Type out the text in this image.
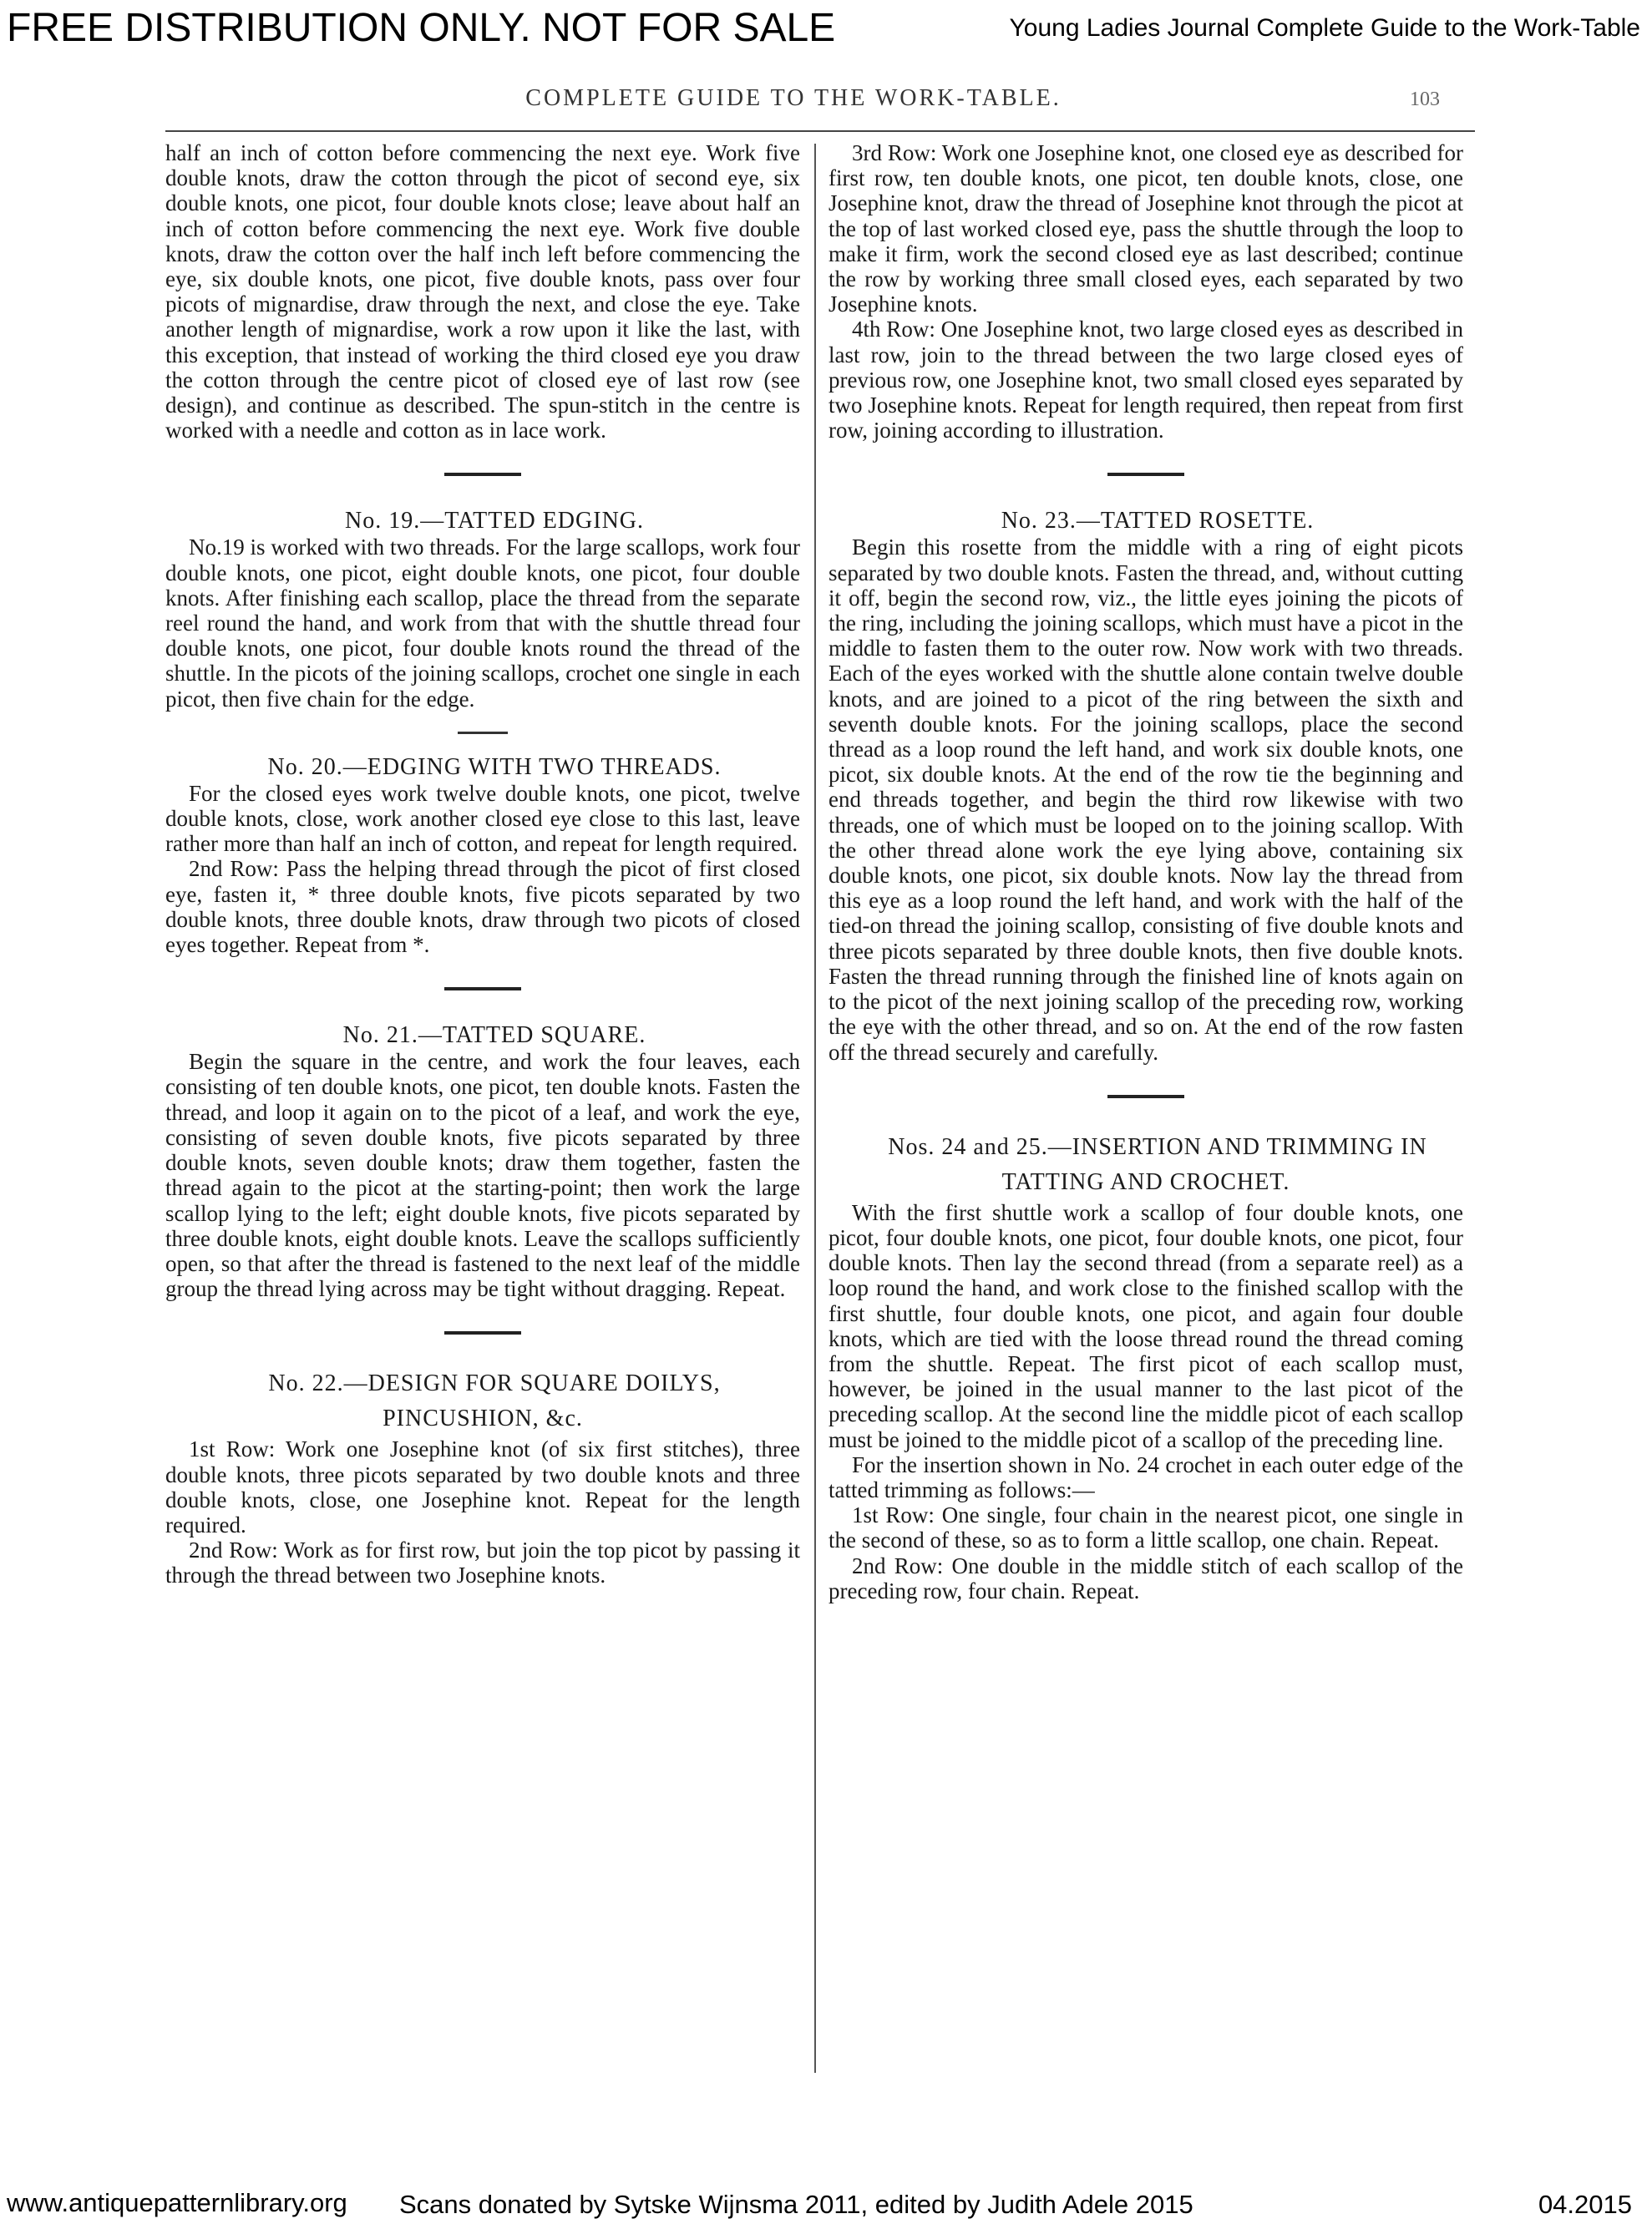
FREE DISTRIBUTION ONLY. NOT FOR SALE	Young Ladies Journal Complete Guide to the Work-Table
COMPLETE GUIDE TO THE WORK-TABLE.	103

half an inch of cotton before commencing the next eye. Work five double knots, draw the cotton through the picot of second eye, six double knots, one picot, four double knots close; leave about half an inch of cotton before commencing the next eye. Work five double knots, draw the cotton over the half inch left before commencing the eye, six double knots, one picot, five double knots, pass over four picots of mignardise, draw through the next, and close the eye. Take another length of mignardise, work a row upon it like the last, with this exception, that instead of working the third closed eye you draw the cotton through the centre picot of closed eye of last row (see design), and continue as described. The spun-stitch in the centre is worked with a needle and cotton as in lace work.

No. 19.—TATTED EDGING.

No.19 is worked with two threads. For the large scallops, work four double knots, one picot, eight double knots, one picot, four double knots. After finishing each scallop, place the thread from the separate reel round the hand, and work from that with the shuttle thread four double knots, one picot, four double knots round the thread of the shuttle. In the picots of the joining scallops, crochet one single in each picot, then five chain for the edge.

No. 20.—EDGING WITH TWO THREADS.

For the closed eyes work twelve double knots, one picot, twelve double knots, close, work another closed eye close to this last, leave rather more than half an inch of cotton, and repeat for length required.

2nd Row: Pass the helping thread through the picot of first closed eye, fasten it, * three double knots, five picots separated by two double knots, three double knots, draw through two picots of closed eyes together. Repeat from *.

No. 21.—TATTED SQUARE.

Begin the square in the centre, and work the four leaves, each consisting of ten double knots, one picot, ten double knots. Fasten the thread, and loop it again on to the picot of a leaf, and work the eye, consisting of seven double knots, five picots separated by three double knots, seven double knots; draw them together, fasten the thread again to the picot at the starting-point; then work the large scallop lying to the left; eight double knots, five picots separated by three double knots, eight double knots. Leave the scallops sufficiently open, so that after the thread is fastened to the next leaf of the middle group the thread lying across may be tight without dragging. Repeat.

No. 22.—DESIGN FOR SQUARE DOILYS, PINCUSHION, &c.

1st Row: Work one Josephine knot (of six first stitches), three double knots, three picots separated by two double knots and three double knots, close, one Josephine knot. Repeat for the length required.

2nd Row: Work as for first row, but join the top picot by passing it through the thread between two Josephine knots.

3rd Row: Work one Josephine knot, one closed eye as described for first row, ten double knots, one picot, ten double knots, close, one Josephine knot, draw the thread of Josephine knot through the picot at the top of last worked closed eye, pass the shuttle through the loop to make it firm, work the second closed eye as last described; continue the row by working three small closed eyes, each separated by two Josephine knots.

4th Row: One Josephine knot, two large closed eyes as described in last row, join to the thread between the two large closed eyes of previous row, one Josephine knot, two small closed eyes separated by two Josephine knots. Repeat for length required, then repeat from first row, joining according to illustration.

No. 23.—TATTED ROSETTE.

Begin this rosette from the middle with a ring of eight picots separated by two double knots. Fasten the thread, and, without cutting it off, begin the second row, viz., the little eyes joining the picots of the ring, including the joining scallops, which must have a picot in the middle to fasten them to the outer row. Now work with two threads. Each of the eyes worked with the shuttle alone contain twelve double knots, and are joined to a picot of the ring between the sixth and seventh double knots. For the joining scallops, place the second thread as a loop round the left hand, and work six double knots, one picot, six double knots. At the end of the row tie the beginning and end threads together, and begin the third row likewise with two threads, one of which must be looped on to the joining scallop. With the other thread alone work the eye lying above, containing six double knots, one picot, six double knots. Now lay the thread from this eye as a loop round the left hand, and work with the half of the tied-on thread the joining scallop, consisting of five double knots and three picots separated by three double knots, then five double knots. Fasten the thread running through the finished line of knots again on to the picot of the next joining scallop of the preceding row, working the eye with the other thread, and so on. At the end of the row fasten off the thread securely and carefully.

Nos. 24 and 25.—INSERTION AND TRIMMING IN TATTING AND CROCHET.

With the first shuttle work a scallop of four double knots, one picot, four double knots, one picot, four double knots, one picot, four double knots. Then lay the second thread (from a separate reel) as a loop round the hand, and work close to the finished scallop with the first shuttle, four double knots, one picot, and again four double knots, which are tied with the loose thread round the thread coming from the shuttle. Repeat. The first picot of each scallop must, however, be joined in the usual manner to the last picot of the preceding scallop. At the second line the middle picot of each scallop must be joined to the middle picot of a scallop of the preceding line.

For the insertion shown in No. 24 crochet in each outer edge of the tatted trimming as follows:—

1st Row: One single, four chain in the nearest picot, one single in the second of these, so as to form a little scallop, one chain. Repeat.

2nd Row: One double in the middle stitch of each scallop of the preceding row, four chain. Repeat.

www.antiquepatternlibrary.org Scans donated by Sytske Wijnsma 2011, edited by Judith Adele 2015	04.2015
